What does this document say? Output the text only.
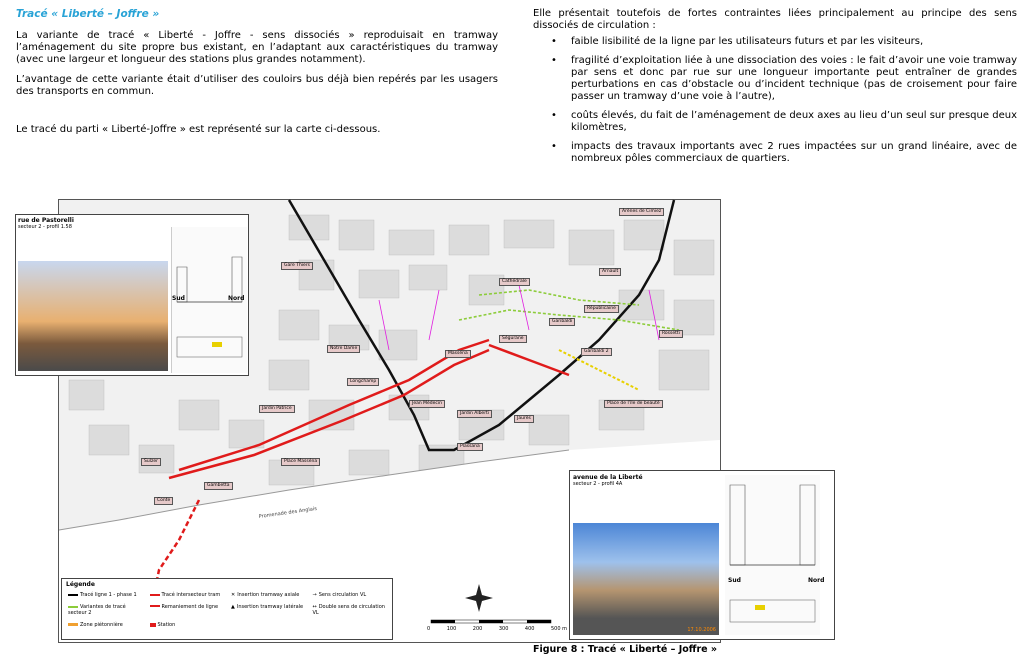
Tracé « Liberté – Joffre »

La variante de tracé « Liberté - Joffre - sens dissociés » reproduisait en tramway l’aménagement du site propre bus existant, en l’adaptant aux caractéristiques du tramway (avec une largeur et longueur des stations plus grandes notamment).

L’avantage de cette variante était d’utiliser des couloirs bus déjà bien repérés par les usagers des transports en commun.

Le tracé du parti « Liberté-Joffre » est représenté sur la carte ci-dessous.

Elle présentait toutefois de fortes contraintes liées principalement au principe des sens dissociés de circulation :

• faible lisibilité de la ligne par les utilisateurs futurs et par les visiteurs,
• fragilité d’exploitation liée à une dissociation des voies : le fait d’avoir une voie tramway par sens et donc par rue sur une longueur importante peut entraîner de grandes perturbations en cas d’obstacle ou d’incident technique (pas de croisement pour faire passer un tramway d’une voie à l’autre),
• coûts élevés, du fait de l’aménagement de deux axes au lieu d’un seul sur presque deux kilomètres,
• impacts des travaux importants avec 2 rues impactées sur un grand linéaire, avec de nombreux pôles commerciaux de quartiers.
Promenade des Anglais
0	100	200	300	400	500 m
Gare Thiers
Notre Dame
Longchamp
Jean Médecin
Jardin Patrice
Place Masséna
Sulzer
Gambetta
Conte
Masséna
Cathédrale
Garibaldi
Ségurane
Arnault
Garibaldi 2
Place de l’île de beauté
Jaurès
Plassana
Arènes de Cimiez
Républicaine
Rossetti
Jardin Alberti
rue de Pastorelli
secteur 2 - profil 1.58
Sud	Nord
avenue de la Liberté
secteur 2 - profil 4A
17.10.2006
Sud	Nord
Légende
Tracé ligne 1 - phase 1	Tracé intersecteur tram	✕ Insertion tramway axiale	→ Sens circulation VL
Variantes de tracé secteur 2
Remaniement de ligne	▲ Insertion tramway latérale	↔ Double sens de circulation VL
Zone piétonnière	Station
Figure 8 : Tracé « Liberté – Joffre »
